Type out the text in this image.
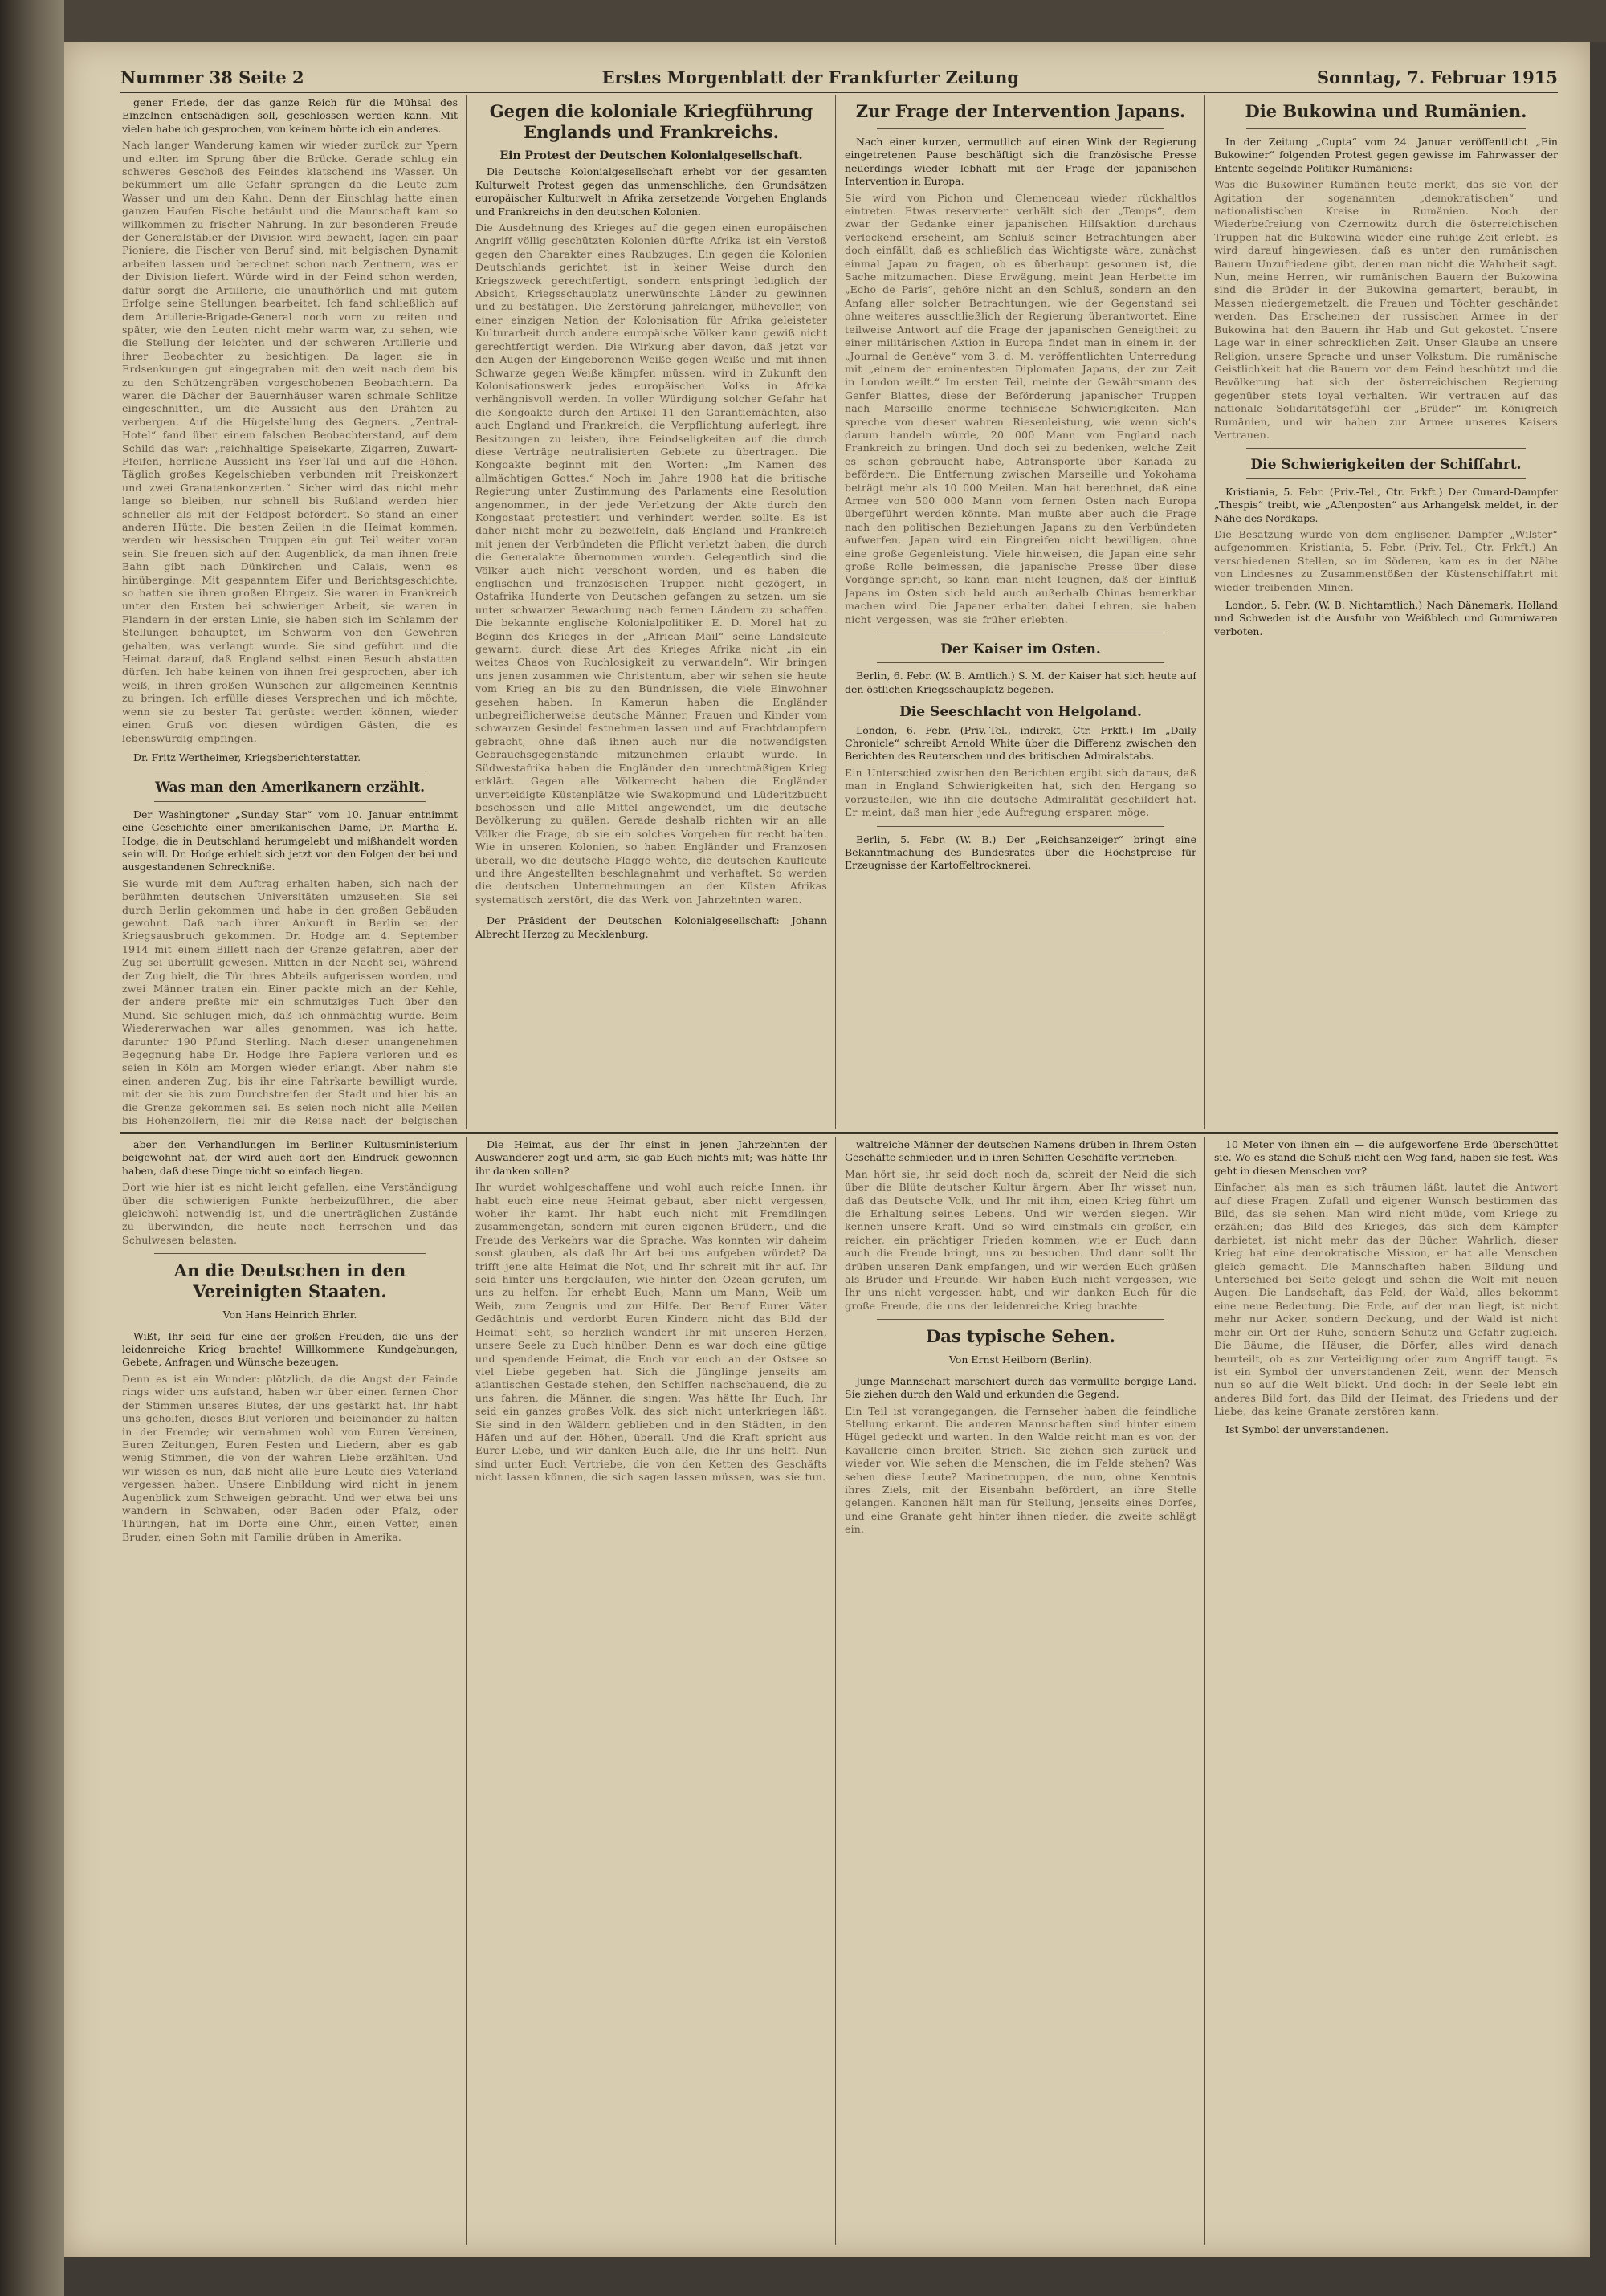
Nummer 38 Seite 2	Erstes Morgenblatt der Frankfurter Zeitung	Sonntag, 7. Februar 1915

gener Friede, der das ganze Reich für die Mühsal des Einzelnen entschädigen soll, geschlossen werden kann. Mit vielen habe ich gesprochen, von keinem hörte ich ein anderes.

Nach langer Wanderung kamen wir wieder zurück zur Ypern und eilten im Sprung über die Brücke. Gerade schlug ein schweres Geschoß des Feindes klatschend ins Wasser. Un bekümmert um alle Gefahr sprangen da die Leute zum Wasser und um den Kahn. Denn der Einschlag hatte einen ganzen Haufen Fische betäubt und die Mannschaft kam so willkommen zu frischer Nahrung. In zur besonderen Freude der Generalstäbler der Division wird bewacht, lagen ein paar Pioniere, die Fischer von Beruf sind, mit belgischen Dynamit arbeiten lassen und berechnet schon nach Zentnern, was er der Division liefert. Würde wird in der Feind schon werden, dafür sorgt die Artillerie, die unaufhörlich und mit gutem Erfolge seine Stellungen bearbeitet. Ich fand schließlich auf dem Artillerie-Brigade-General noch vorn zu reiten und später, wie den Leuten nicht mehr warm war, zu sehen, wie die Stellung der leichten und der schweren Artillerie und ihrer Beobachter zu besichtigen. Da lagen sie in Erdsenkungen gut eingegraben mit den weit nach dem bis zu den Schützengräben vorgeschobenen Beobachtern. Da waren die Dächer der Bauernhäuser waren schmale Schlitze eingeschnitten, um die Aussicht aus den Drähten zu verbergen. Auf die Hügelstellung des Gegners. „Zentral-Hotel“ fand über einem falschen Beobachterstand, auf dem Schild das war: „reichhaltige Speisekarte, Zigarren, Zuwart-Pfeifen, herrliche Aussicht ins Yser-Tal und auf die Höhen. Täglich großes Kegelschieben verbunden mit Preiskonzert und zwei Granatenkonzerten.“ Sicher wird das nicht mehr lange so bleiben, nur schnell bis Rußland werden hier schneller als mit der Feldpost befördert. So stand an einer anderen Hütte. Die besten Zeilen in die Heimat kommen, werden wir hessischen Truppen ein gut Teil weiter voran sein. Sie freuen sich auf den Augenblick, da man ihnen freie Bahn gibt nach Dünkirchen und Calais, wenn es hinüberginge. Mit gespanntem Eifer und Berichtsgeschichte, so hatten sie ihren großen Ehrgeiz. Sie waren in Frankreich unter den Ersten bei schwieriger Arbeit, sie waren in Flandern in der ersten Linie, sie haben sich im Schlamm der Stellungen behauptet, im Schwarm von den Gewehren gehalten, was verlangt wurde. Sie sind geführt und die Heimat darauf, daß England selbst einen Besuch abstatten dürfen. Ich habe keinen von ihnen frei gesprochen, aber ich weiß, in ihren großen Wünschen zur allgemeinen Kenntnis zu bringen. Ich erfülle dieses Versprechen und ich möchte, wenn sie zu bester Tat gerüstet werden können, wieder einen Gruß von diesen würdigen Gästen, die es lebenswürdig empfingen.

Dr. Fritz Wertheimer, Kriegsberichterstatter.

Was man den Amerikanern erzählt.

Der Washingtoner „Sunday Star“ vom 10. Januar entnimmt eine Geschichte einer amerikanischen Dame, Dr. Martha E. Hodge, die in Deutschland herumgelebt und mißhandelt worden sein will. Dr. Hodge erhielt sich jetzt von den Folgen der bei und ausgestandenen Schreckniße.

Sie wurde mit dem Auftrag erhalten haben, sich nach der berühmten deutschen Universitäten umzusehen. Sie sei durch Berlin gekommen und habe in den großen Gebäuden gewohnt. Daß nach ihrer Ankunft in Berlin sei der Kriegsausbruch gekommen. Dr. Hodge am 4. September 1914 mit einem Billett nach der Grenze gefahren, aber der Zug sei überfüllt gewesen. Mitten in der Nacht sei, während der Zug hielt, die Tür ihres Abteils aufgerissen worden, und zwei Männer traten ein. Einer packte mich an der Kehle, der andere preßte mir ein schmutziges Tuch über den Mund. Sie schlugen mich, daß ich ohnmächtig wurde. Beim Wiedererwachen war alles genommen, was ich hatte, darunter 190 Pfund Sterling. Nach dieser unangenehmen Begegnung habe Dr. Hodge ihre Papiere verloren und es seien in Köln am Morgen wieder erlangt. Aber nahm sie einen anderen Zug, bis ihr eine Fahrkarte bewilligt wurde, mit der sie bis zum Durchstreifen der Stadt und hier bis an die Grenze gekommen sei. Es seien noch nicht alle Meilen bis Hohenzollern, fiel mir die Reise nach der belgischen
Gegen die koloniale Kriegführung Englands und Frankreichs.
Ein Protest der Deutschen Kolonialgesellschaft.

Die Deutsche Kolonialgesellschaft erhebt vor der gesamten Kulturwelt Protest gegen das unmenschliche, den Grundsätzen europäischer Kulturwelt in Afrika zersetzende Vorgehen Englands und Frankreichs in den deutschen Kolonien.

Die Ausdehnung des Krieges auf die gegen einen europäischen Angriff völlig geschützten Kolonien dürfte Afrika ist ein Verstoß gegen den Charakter eines Raubzuges. Ein gegen die Kolonien Deutschlands gerichtet, ist in keiner Weise durch den Kriegszweck gerechtfertigt, sondern entspringt lediglich der Absicht, Kriegsschauplatz unerwünschte Länder zu gewinnen und zu bestätigen. Die Zerstörung jahrelanger, mühevoller, von einer einzigen Nation der Kolonisation für Afrika geleisteter Kulturarbeit durch andere europäische Völker kann gewiß nicht gerechtfertigt werden. Die Wirkung aber davon, daß jetzt vor den Augen der Eingeborenen Weiße gegen Weiße und mit ihnen Schwarze gegen Weiße kämpfen müssen, wird in Zukunft den Kolonisationswerk jedes europäischen Volks in Afrika verhängnisvoll werden. In voller Würdigung solcher Gefahr hat die Kongoakte durch den Artikel 11 den Garantiemächten, also auch England und Frankreich, die Verpflichtung auferlegt, ihre Besitzungen zu leisten, ihre Feindseligkeiten auf die durch diese Verträge neutralisierten Gebiete zu übertragen. Die Kongoakte beginnt mit den Worten: „Im Namen des allmächtigen Gottes.“ Noch im Jahre 1908 hat die britische Regierung unter Zustimmung des Parlaments eine Resolution angenommen, in der jede Verletzung der Akte durch den Kongostaat protestiert und verhindert werden sollte. Es ist daher nicht mehr zu bezweifeln, daß England und Frankreich mit jenen der Verbündeten die Pflicht verletzt haben, die durch die Generalakte übernommen wurden. Gelegentlich sind die Völker auch nicht verschont worden, und es haben die englischen und französischen Truppen nicht gezögert, in Ostafrika Hunderte von Deutschen gefangen zu setzen, um sie unter schwarzer Bewachung nach fernen Ländern zu schaffen. Die bekannte englische Kolonialpolitiker E. D. Morel hat zu Beginn des Krieges in der „African Mail“ seine Landsleute gewarnt, durch diese Art des Krieges Afrika nicht „in ein weites Chaos von Ruchlosigkeit zu verwandeln“. Wir bringen uns jenen zusammen wie Christentum, aber wir sehen sie heute vom Krieg an bis zu den Bündnissen, die viele Einwohner gesehen haben. In Kamerun haben die Engländer unbegreiflicherweise deutsche Männer, Frauen und Kinder vom schwarzen Gesindel festnehmen lassen und auf Frachtdampfern gebracht, ohne daß ihnen auch nur die notwendigsten Gebrauchsgegenstände mitzunehmen erlaubt wurde. In Südwestafrika haben die Engländer den unrechtmäßigen Krieg erklärt. Gegen alle Völkerrecht haben die Engländer unverteidigte Küstenplätze wie Swakopmund und Lüderitzbucht beschossen und alle Mittel angewendet, um die deutsche Bevölkerung zu quälen. Gerade deshalb richten wir an alle Völker die Frage, ob sie ein solches Vorgehen für recht halten. Wie in unseren Kolonien, so haben Engländer und Franzosen überall, wo die deutsche Flagge wehte, die deutschen Kaufleute und ihre Angestellten beschlagnahmt und verhaftet. So werden die deutschen Unternehmungen an den Küsten Afrikas systematisch zerstört, die das Werk von Jahrzehnten waren.

Der Präsident der Deutschen Kolonialgesellschaft: Johann Albrecht Herzog zu Mecklenburg.

Zur Frage der Intervention Japans.

Nach einer kurzen, vermutlich auf einen Wink der Regierung eingetretenen Pause beschäftigt sich die französische Presse neuerdings wieder lebhaft mit der Frage der japanischen Intervention in Europa.

Sie wird von Pichon und Clemenceau wieder rückhaltlos eintreten. Etwas reservierter verhält sich der „Temps“, dem zwar der Gedanke einer japanischen Hilfsaktion durchaus verlockend erscheint, am Schluß seiner Betrachtungen aber doch einfällt, daß es schließlich das Wichtigste wäre, zunächst einmal Japan zu fragen, ob es überhaupt gesonnen ist, die Sache mitzumachen. Diese Erwägung, meint Jean Herbette im „Echo de Paris“, gehöre nicht an den Schluß, sondern an den Anfang aller solcher Betrachtungen, wie der Gegenstand sei ohne weiteres ausschließlich der Regierung überantwortet. Eine teilweise Antwort auf die Frage der japanischen Geneigtheit zu einer militärischen Aktion in Europa findet man in einem in der „Journal de Genève“ vom 3. d. M. veröffentlichten Unterredung mit „einem der eminentesten Diplomaten Japans, der zur Zeit in London weilt.“ Im ersten Teil, meinte der Gewährsmann des Genfer Blattes, diese der Beförderung japanischer Truppen nach Marseille enorme technische Schwierigkeiten. Man spreche von dieser wahren Riesenleistung, wie wenn sich's darum handeln würde, 20 000 Mann von England nach Frankreich zu bringen. Und doch sei zu bedenken, welche Zeit es schon gebraucht habe, Abtransporte über Kanada zu befördern. Die Entfernung zwischen Marseille und Yokohama beträgt mehr als 10 000 Meilen. Man hat berechnet, daß eine Armee von 500 000 Mann vom fernen Osten nach Europa übergeführt werden könnte. Man mußte aber auch die Frage nach den politischen Beziehungen Japans zu den Verbündeten aufwerfen. Japan wird ein Eingreifen nicht bewilligen, ohne eine große Gegenleistung. Viele hinweisen, die Japan eine sehr große Rolle beimessen, die japanische Presse über diese Vorgänge spricht, so kann man nicht leugnen, daß der Einfluß Japans im Osten sich bald auch außerhalb Chinas bemerkbar machen wird. Die Japaner erhalten dabei Lehren, sie haben nicht vergessen, was sie früher erlebten.
Der Kaiser im Osten.

Berlin, 6. Febr. (W. B. Amtlich.) S. M. der Kaiser hat sich heute auf den östlichen Kriegsschauplatz begeben.

Die Seeschlacht von Helgoland.

London, 6. Febr. (Priv.-Tel., indirekt, Ctr. Frkft.) Im „Daily Chronicle“ schreibt Arnold White über die Differenz zwischen den Berichten des Reuterschen und des britischen Admiralstabs.

Ein Unterschied zwischen den Berichten ergibt sich daraus, daß man in England Schwierigkeiten hat, sich den Hergang so vorzustellen, wie ihn die deutsche Admiralität geschildert hat. Er meint, daß man hier jede Aufregung ersparen möge.

Berlin, 5. Febr. (W. B.) Der „Reichsanzeiger“ bringt eine Bekanntmachung des Bundesrates über die Höchstpreise für Erzeugnisse der Kartoffeltrocknerei.

Die Bukowina und Rumänien.

In der Zeitung „Cupta“ vom 24. Januar veröffentlicht „Ein Bukowiner“ folgenden Protest gegen gewisse im Fahrwasser der Entente segelnde Politiker Rumäniens:

Was die Bukowiner Rumänen heute merkt, das sie von der Agitation der sogenannten „demokratischen“ und nationalistischen Kreise in Rumänien. Noch der Wiederbefreiung von Czernowitz durch die österreichischen Truppen hat die Bukowina wieder eine ruhige Zeit erlebt. Es wird darauf hingewiesen, daß es unter den rumänischen Bauern Unzufriedene gibt, denen man nicht die Wahrheit sagt. Nun, meine Herren, wir rumänischen Bauern der Bukowina sind die Brüder in der Bukowina gemartert, beraubt, in Massen niedergemetzelt, die Frauen und Töchter geschändet werden. Das Erscheinen der russischen Armee in der Bukowina hat den Bauern ihr Hab und Gut gekostet. Unsere Lage war in einer schrecklichen Zeit. Unser Glaube an unsere Religion, unsere Sprache und unser Volkstum. Die rumänische Geistlichkeit hat die Bauern vor dem Feind beschützt und die Bevölkerung hat sich der österreichischen Regierung gegenüber stets loyal verhalten. Wir vertrauen auf das nationale Solidaritätsgefühl der „Brüder“ im Königreich Rumänien, und wir haben zur Armee unseres Kaisers Vertrauen.
Die Schwierigkeiten der Schiffahrt.

Kristiania, 5. Febr. (Priv.-Tel., Ctr. Frkft.) Der Cunard-Dampfer „Thespis“ treibt, wie „Aftenposten“ aus Arhangelsk meldet, in der Nähe des Nordkaps.

Die Besatzung wurde von dem englischen Dampfer „Wilster“ aufgenommen. Kristiania, 5. Febr. (Priv.-Tel., Ctr. Frkft.) An verschiedenen Stellen, so im Söderen, kam es in der Nähe von Lindesnes zu Zusammenstößen der Küstenschiffahrt mit wieder treibenden Minen.

London, 5. Febr. (W. B. Nichtamtlich.) Nach Dänemark, Holland und Schweden ist die Ausfuhr von Weißblech und Gummiwaren verboten.

aber den Verhandlungen im Berliner Kultusministerium beigewohnt hat, der wird auch dort den Eindruck gewonnen haben, daß diese Dinge nicht so einfach liegen.

Dort wie hier ist es nicht leicht gefallen, eine Verständigung über die schwierigen Punkte herbeizuführen, die aber gleichwohl notwendig ist, und die unerträglichen Zustände zu überwinden, die heute noch herrschen und das Schulwesen belasten.
An die Deutschen in den Vereinigten Staaten.
Von Hans Heinrich Ehrler.

Wißt, Ihr seid für eine der großen Freuden, die uns der leidenreiche Krieg brachte! Willkommene Kundgebungen, Gebete, Anfragen und Wünsche bezeugen.

Denn es ist ein Wunder: plötzlich, da die Angst der Feinde rings wider uns aufstand, haben wir über einen fernen Chor der Stimmen unseres Blutes, der uns gestärkt hat. Ihr habt uns geholfen, dieses Blut verloren und beieinander zu halten in der Fremde; wir vernahmen wohl von Euren Vereinen, Euren Zeitungen, Euren Festen und Liedern, aber es gab wenig Stimmen, die von der wahren Liebe erzählten. Und wir wissen es nun, daß nicht alle Eure Leute dies Vaterland vergessen haben. Unsere Einbildung wird nicht in jenem Augenblick zum Schweigen gebracht. Und wer etwa bei uns wandern in Schwaben, oder Baden oder Pfalz, oder Thüringen, hat im Dorfe eine Ohm, einen Vetter, einen Bruder, einen Sohn mit Familie drüben in Amerika.

Die Heimat, aus der Ihr einst in jenen Jahrzehnten der Auswanderer zogt und arm, sie gab Euch nichts mit; was hätte Ihr ihr danken sollen?

Ihr wurdet wohlgeschaffene und wohl auch reiche Innen, ihr habt euch eine neue Heimat gebaut, aber nicht vergessen, woher ihr kamt. Ihr habt euch nicht mit Fremdlingen zusammengetan, sondern mit euren eigenen Brüdern, und die Freude des Verkehrs war die Sprache. Was konnten wir daheim sonst glauben, als daß Ihr Art bei uns aufgeben würdet? Da trifft jene alte Heimat die Not, und Ihr schreit mit ihr auf. Ihr seid hinter uns hergelaufen, wie hinter den Ozean gerufen, um uns zu helfen. Ihr erhebt Euch, Mann um Mann, Weib um Weib, zum Zeugnis und zur Hilfe. Der Beruf Eurer Väter Gedächtnis und verdorbt Euren Kindern nicht das Bild der Heimat! Seht, so herzlich wandert Ihr mit unseren Herzen, unsere Seele zu Euch hinüber. Denn es war doch eine gütige und spendende Heimat, die Euch vor euch an der Ostsee so viel Liebe gegeben hat. Sich die Jünglinge jenseits am atlantischen Gestade stehen, den Schiffen nachschauend, die zu uns fahren, die Männer, die singen: Was hätte Ihr Euch, Ihr seid ein ganzes großes Volk, das sich nicht unterkriegen läßt. Sie sind in den Wäldern geblieben und in den Städten, in den Häfen und auf den Höhen, überall. Und die Kraft spricht aus Eurer Liebe, und wir danken Euch alle, die Ihr uns helft. Nun sind unter Euch Vertriebe, die von den Ketten des Geschäfts nicht lassen können, die sich sagen lassen müssen, was sie tun.

waltreiche Männer der deutschen Namens drüben in Ihrem Osten Geschäfte schmieden und in ihren Schiffen Geschäfte vertrieben.

Man hört sie, ihr seid doch noch da, schreit der Neid die sich über die Blüte deutscher Kultur ärgern. Aber Ihr wisset nun, daß das Deutsche Volk, und Ihr mit ihm, einen Krieg führt um die Erhaltung seines Lebens. Und wir werden siegen. Wir kennen unsere Kraft. Und so wird einstmals ein großer, ein reicher, ein prächtiger Frieden kommen, wie er Euch dann auch die Freude bringt, uns zu besuchen. Und dann sollt Ihr drüben unseren Dank empfangen, und wir werden Euch grüßen als Brüder und Freunde. Wir haben Euch nicht vergessen, wie Ihr uns nicht vergessen habt, und wir danken Euch für die große Freude, die uns der leidenreiche Krieg brachte.
Das typische Sehen.
Von Ernst Heilborn (Berlin).

Junge Mannschaft marschiert durch das vermüllte bergige Land. Sie ziehen durch den Wald und erkunden die Gegend.

Ein Teil ist vorangegangen, die Fernseher haben die feindliche Stellung erkannt. Die anderen Mannschaften sind hinter einem Hügel gedeckt und warten. In den Walde reicht man es von der Kavallerie einen breiten Strich. Sie ziehen sich zurück und wieder vor. Wie sehen die Menschen, die im Felde stehen? Was sehen diese Leute? Marinetruppen, die nun, ohne Kenntnis ihres Ziels, mit der Eisenbahn befördert, an ihre Stelle gelangen. Kanonen hält man für Stellung, jenseits eines Dorfes, und eine Granate geht hinter ihnen nieder, die zweite schlägt ein.

10 Meter von ihnen ein — die aufgeworfene Erde überschüttet sie. Wo es stand die Schuß nicht den Weg fand, haben sie fest. Was geht in diesen Menschen vor?

Einfacher, als man es sich träumen läßt, lautet die Antwort auf diese Fragen. Zufall und eigener Wunsch bestimmen das Bild, das sie sehen. Man wird nicht müde, vom Kriege zu erzählen; das Bild des Krieges, das sich dem Kämpfer darbietet, ist nicht mehr das der Bücher. Wahrlich, dieser Krieg hat eine demokratische Mission, er hat alle Menschen gleich gemacht. Die Mannschaften haben Bildung und Unterschied bei Seite gelegt und sehen die Welt mit neuen Augen. Die Landschaft, das Feld, der Wald, alles bekommt eine neue Bedeutung. Die Erde, auf der man liegt, ist nicht mehr nur Acker, sondern Deckung, und der Wald ist nicht mehr ein Ort der Ruhe, sondern Schutz und Gefahr zugleich. Die Bäume, die Häuser, die Dörfer, alles wird danach beurteilt, ob es zur Verteidigung oder zum Angriff taugt. Es ist ein Symbol der unverstandenen Zeit, wenn der Mensch nun so auf die Welt blickt. Und doch: in der Seele lebt ein anderes Bild fort, das Bild der Heimat, des Friedens und der Liebe, das keine Granate zerstören kann.

Ist Symbol der unverstandenen.
